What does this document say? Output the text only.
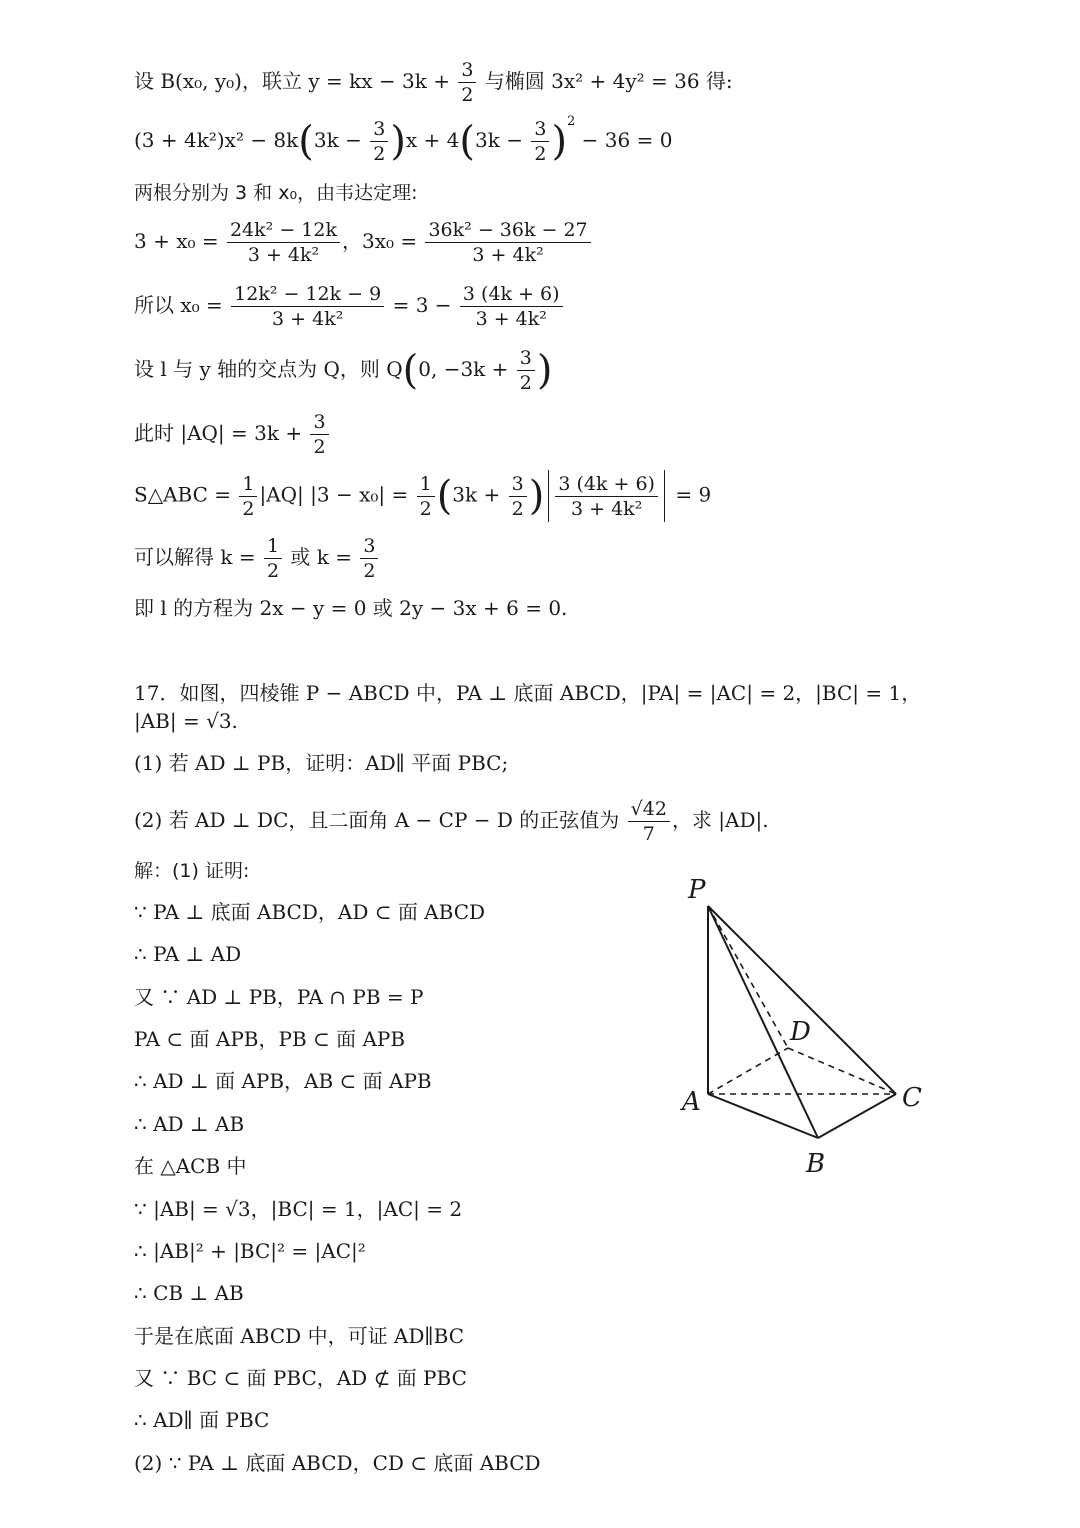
设 B(x₀, y₀)，联立 y = kx − $3k + \frac{3}{2}$ 与椭圆 3x² + 4y² = 36 得:
$(3 + 4k^2)x^2 - 8k(3k - \frac{3}{2} )x + 4(3k - \frac{3}{2} )^2 - 36 = 0$
两根分别为 3 和 x₀，由韦达定理:
$3 + x_0 = \frac{\text{24k² − 12k}}{\text{3 + 4k²}}$ ，$3x_0 = \frac{\text{36k² − 36k − 27}}{\text{3 + 4k²}}$
所以 $x_0 = \frac{\text{12k² − 12k − 9}}{\text{3 + 4k²}} = 3 - \frac{3 (4k + 6)}{\text{3 + 4k²}}$
设 l 与 y 轴的交点为 Q，则 Q(0, $-3k + \frac{3}{2}$ )
此时 $|AQ| = 3k + \frac{3}{2}$
S△ABC = $\frac{1}{2} |AQ|$ $|3 - x_0| = \frac{1}{2} (3k + \frac{3}{2}$ ) $\frac{3 (4k + 6)}{\text{3 + 4k²}} = 9$
可以解得 $k = \frac{1}{2}$ 或 $k = \frac{3}{2}$
即 l 的方程为 2x − y = 0 或 2y − 3x + 6 = 0.
17．如图，四棱锥 P − ABCD 中，PA ⊥ 底面 ABCD，|PA| = |AC| = 2，|BC| = 1，
|AB| = √3.
(1) 若 AD ⊥ PB，证明：AD∥ 平面 PBC;
(2) 若 AD ⊥ DC，且二面角 A − CP − D 的正弦值为 $\frac{√42}{7}$ ，求 |AD|.
解：(1) 证明:
∵ PA ⊥ 底面 ABCD，AD ⊂ 面 ABCD
∴ PA ⊥ AD
又 ∵ AD ⊥ PB，PA ∩ PB = P
PA ⊂ 面 APB，PB ⊂ 面 APB
∴ AD ⊥ 面 APB，AB ⊂ 面 APB
∴ AD ⊥ AB
在 △ACB 中
∵ |AB| = √3，|BC| = 1，|AC| = 2
∴ |AB|² + |BC|² = |AC|²
∴ CB ⊥ AB
于是在底面 ABCD 中，可证 AD∥BC
又 ∵ BC ⊂ 面 PBC，AD ⊄ 面 PBC
∴ AD∥ 面 PBC
(2) ∵ PA ⊥ 底面 ABCD，CD ⊂ 底面 ABCD
P
A
B
C
D
